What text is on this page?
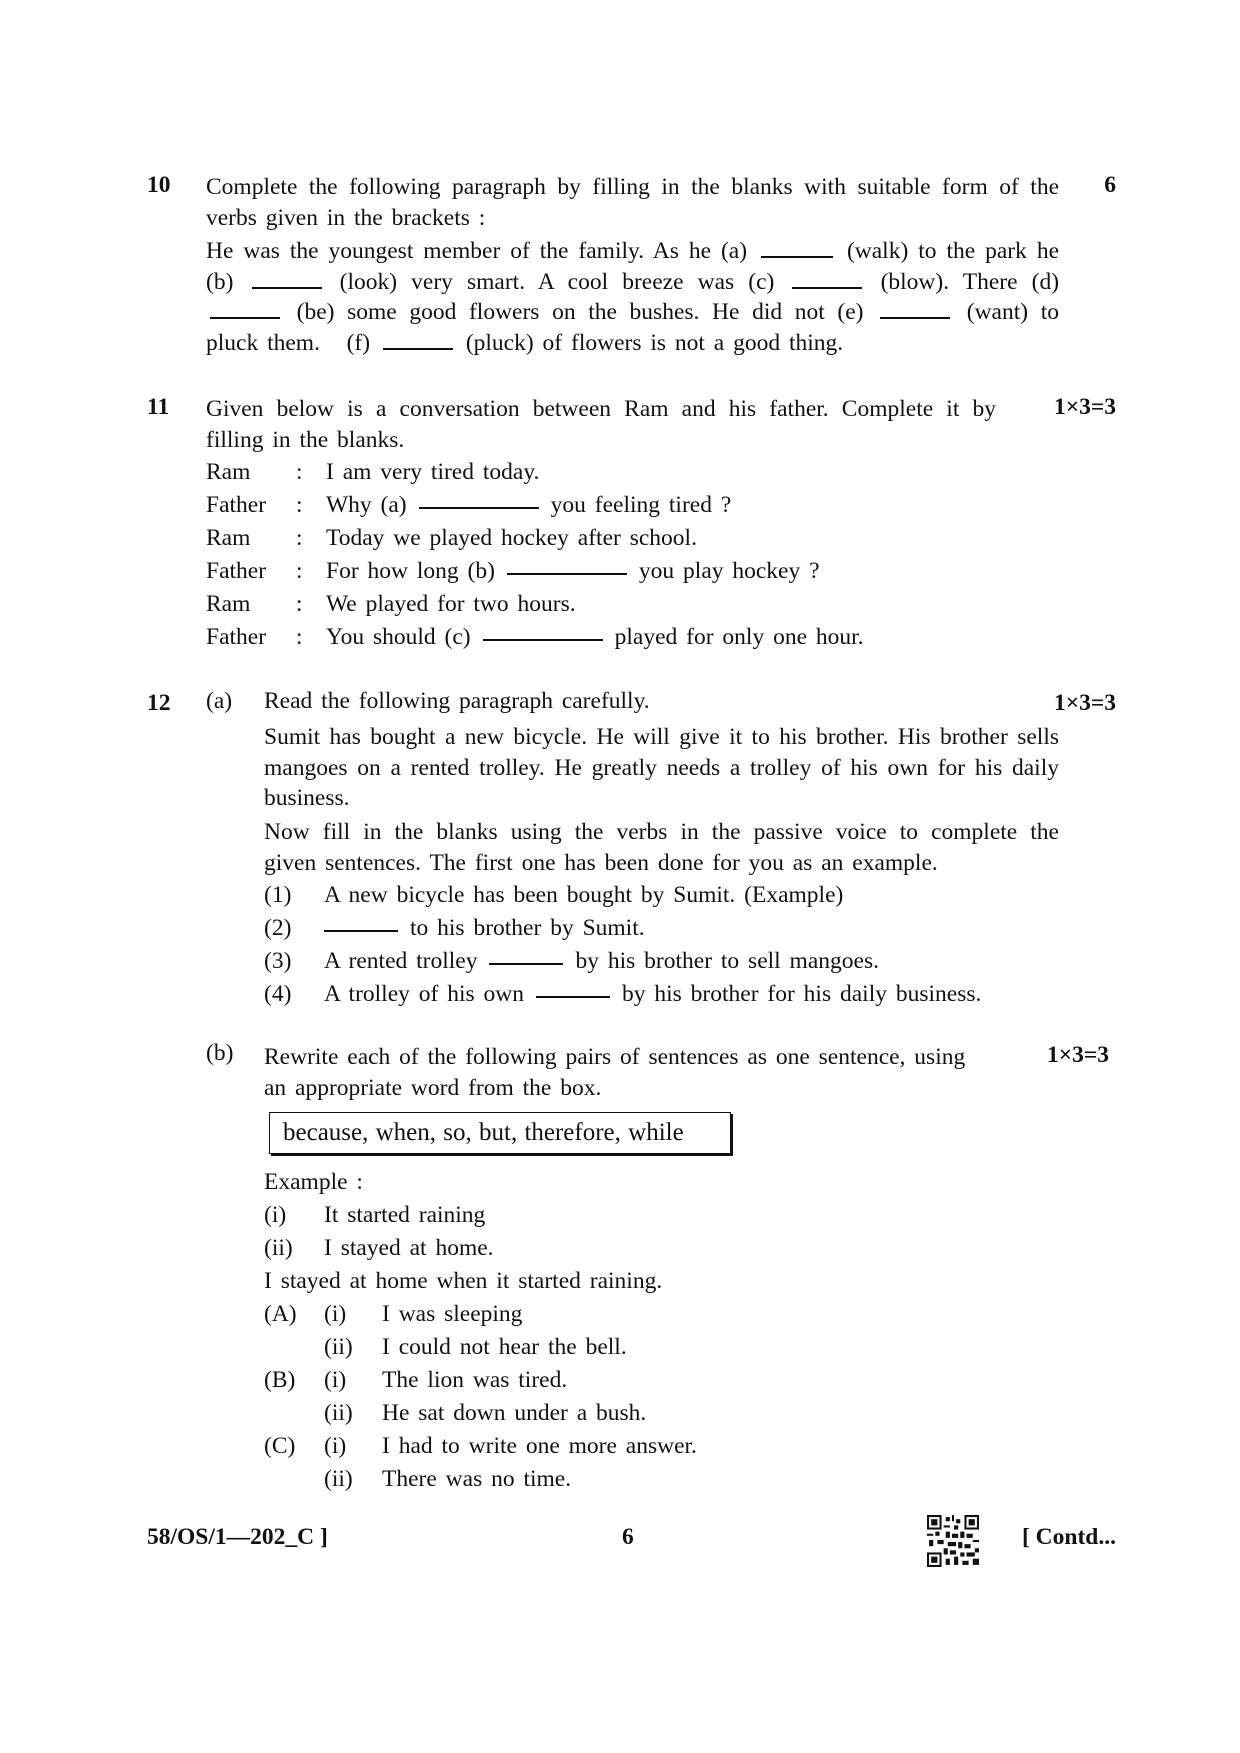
10	6
Complete the following paragraph by filling in the blanks with suitable form of the verbs given in the brackets :
He was the youngest member of the family. As he (a)	(walk) to the park he (b)	(look) very smart. A cool breeze was (c)	(blow). There (d)  (be) some good flowers on the bushes. He did not (e)	(want) to pluck them. (f)	(pluck) of flowers is not a good thing.
11	1×3=3
Given below is a conversation between Ram and his father. Complete it by filling in the blanks.
Ram	: I am very tired today.
Father	: Why (a)	you feeling tired ?
Ram	: Today we played hockey after school.
Father	: For how long (b)	you play hockey ?
Ram	: We played for two hours.
Father	: You should (c)	played for only one hour.
12 (a) Read the following paragraph carefully.	1×3=3
Sumit has bought a new bicycle. He will give it to his brother. His brother sells mangoes on a rented trolley. He greatly needs a trolley of his own for his daily business.
Now fill in the blanks using the verbs in the passive voice to complete the given sentences. The first one has been done for you as an example.
(1)	A new bicycle has been bought by Sumit. (Example)
(2)	to his brother by Sumit.
(3)	A rented trolley	by his brother to sell mangoes.
(4)	A trolley of his own	by his brother for his daily business.
(b) Rewrite each of the following pairs of sentences as one sentence, using an appropriate word from the box.
1×3=3
because, when, so, but, therefore, while
Example :
(i)	It started raining
(ii)	I stayed at home.
I stayed at home when it started raining.
(A)	(i)	I was sleeping
(ii)	I could not hear the bell.
(B)	(i)	The lion was tired.
(ii)	He sat down under a bush.
(C)	(i)	I had to write one more answer.
(ii)	There was no time.
58/OS/1—202_C ]	6	[ Contd...
